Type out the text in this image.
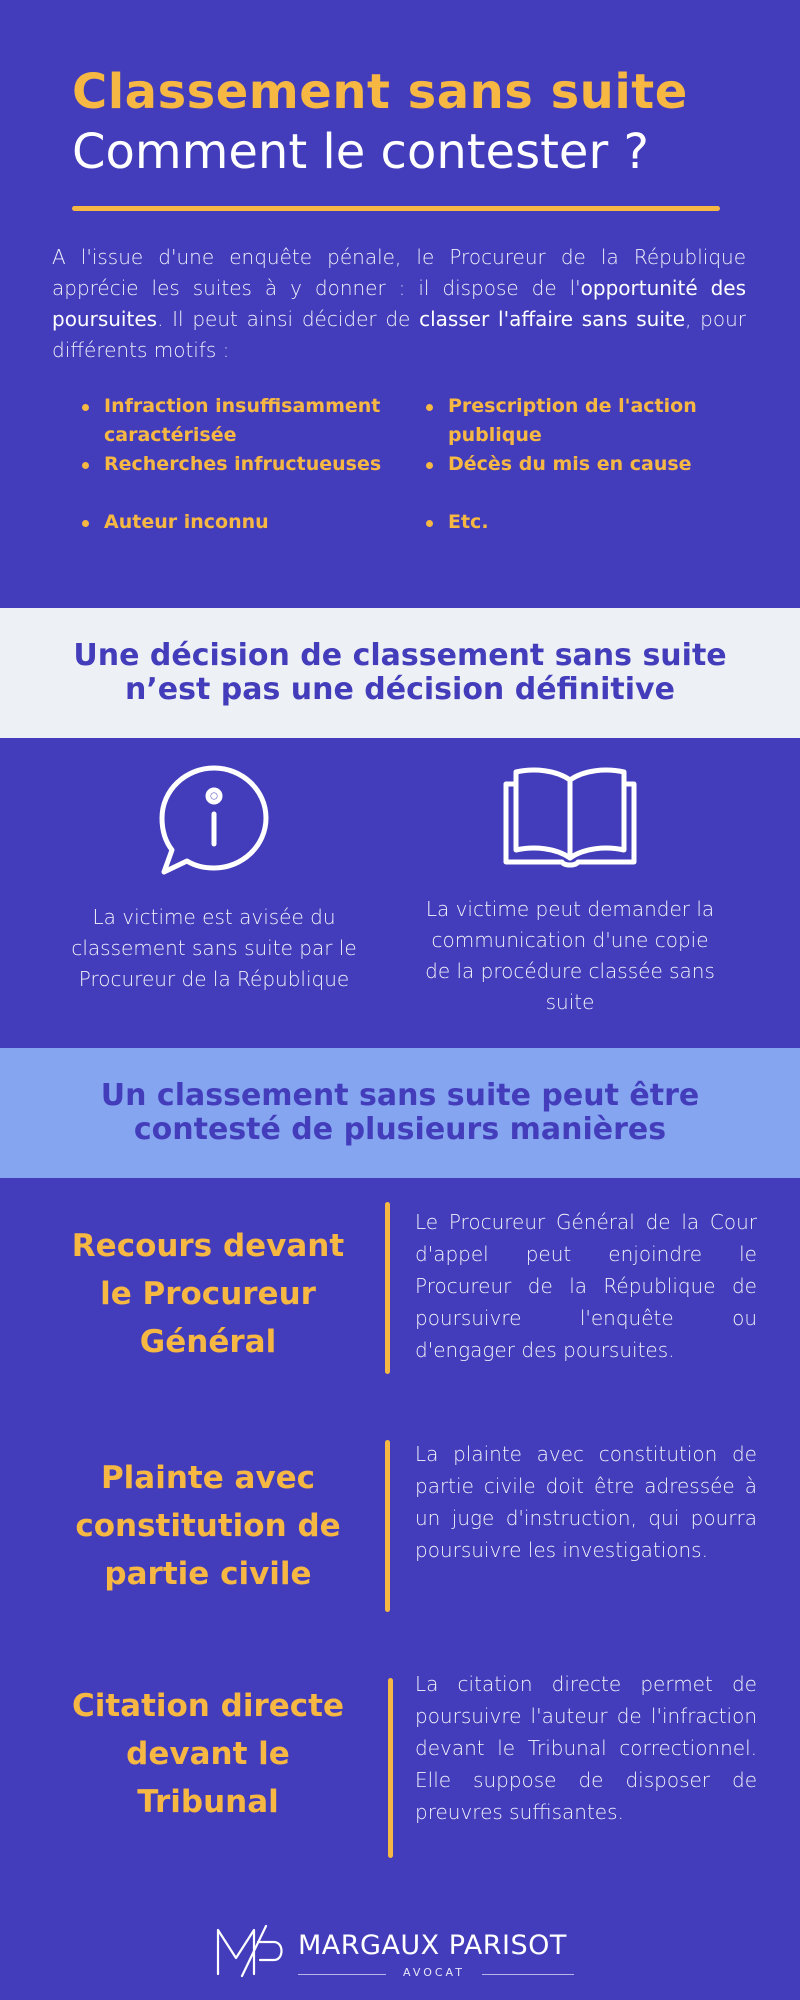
Classement sans suite
Comment le contester ?

A l'issue d'une enquête pénale, le Procureur de la République apprécie les suites à y donner : il dispose de l'opportunité des poursuites. Il peut ainsi décider de classer l'affaire sans suite, pour différents motifs :

Infraction insuffisamment caractérisée
Prescription de l'action publique
Recherches infructueuses	Décès du mis en cause
Auteur inconnu	Etc.
Une décision de classement sans suite
n’est pas une décision définitive

La victime est avisée du classement sans suite par le Procureur de la République

La victime peut demander la communication d'une copie de la procédure classée sans suite

Un classement sans suite peut être
contesté de plusieurs manières
Recours devant
le Procureur
Général

Le Procureur Général de la Cour d'appel peut enjoindre le Procureur de la République de poursuivre l'enquête ou d'engager des poursuites.

Plainte avec
constitution de
partie civile

La plainte avec constitution de partie civile doit être adressée à un juge d'instruction, qui pourra poursuivre les investigations.

Citation directe
devant le
Tribunal

La citation directe permet de poursuivre l'auteur de l'infraction devant le Tribunal correctionnel. Elle suppose de disposer de preuvres suffisantes.

MARGAUX PARISOT

AVOCAT
